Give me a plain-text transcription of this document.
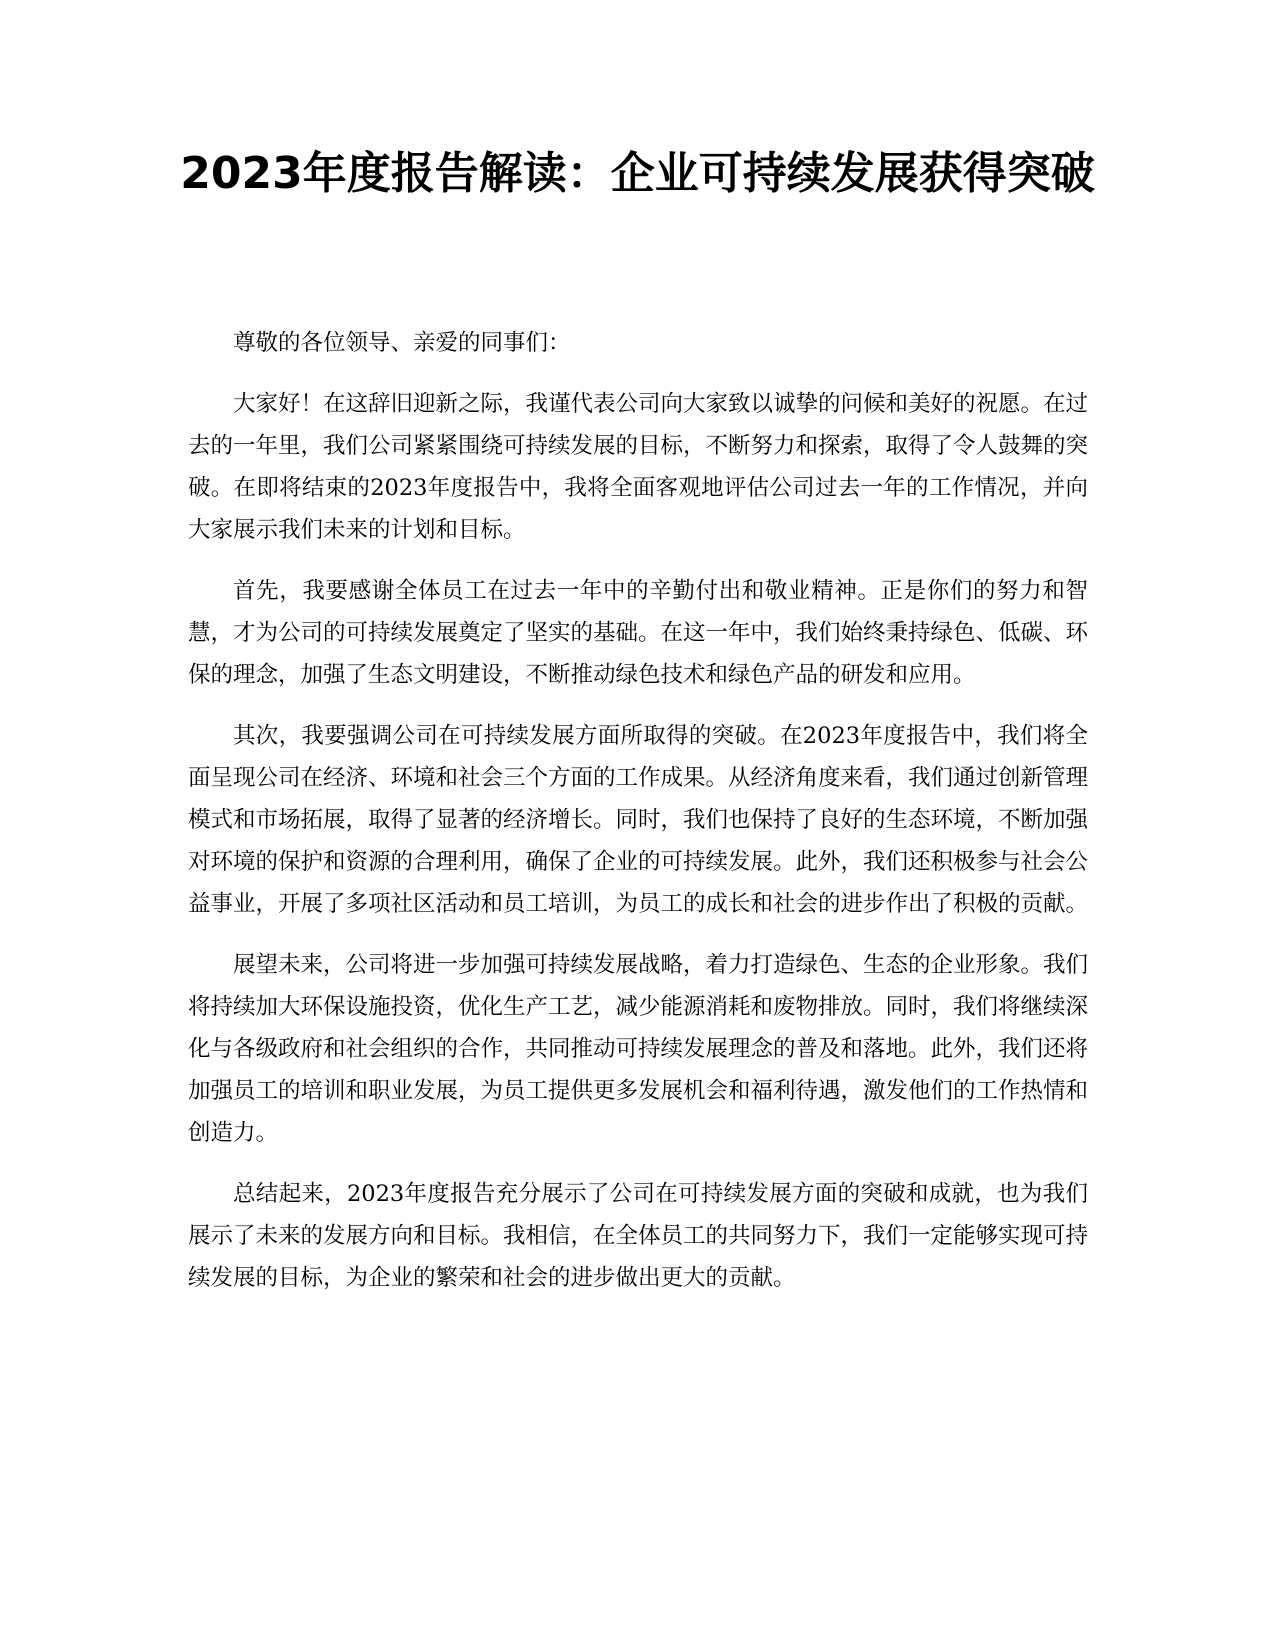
2023年度报告解读：企业可持续发展获得突破

尊敬的各位领导、亲爱的同事们：

大家好！在这辞旧迎新之际，我谨代表公司向大家致以诚挚的问候和美好的祝愿。在过去的一年里，我们公司紧紧围绕可持续发展的目标，不断努力和探索，取得了令人鼓舞的突破。在即将结束的2023年度报告中，我将全面客观地评估公司过去一年的工作情况，并向大家展示我们未来的计划和目标。

首先，我要感谢全体员工在过去一年中的辛勤付出和敬业精神。正是你们的努力和智慧，才为公司的可持续发展奠定了坚实的基础。在这一年中，我们始终秉持绿色、低碳、环保的理念，加强了生态文明建设，不断推动绿色技术和绿色产品的研发和应用。

其次，我要强调公司在可持续发展方面所取得的突破。在2023年度报告中，我们将全面呈现公司在经济、环境和社会三个方面的工作成果。从经济角度来看，我们通过创新管理模式和市场拓展，取得了显著的经济增长。同时，我们也保持了良好的生态环境，不断加强对环境的保护和资源的合理利用，确保了企业的可持续发展。此外，我们还积极参与社会公益事业，开展了多项社区活动和员工培训，为员工的成长和社会的进步作出了积极的贡献。

展望未来，公司将进一步加强可持续发展战略，着力打造绿色、生态的企业形象。我们将持续加大环保设施投资，优化生产工艺，减少能源消耗和废物排放。同时，我们将继续深化与各级政府和社会组织的合作，共同推动可持续发展理念的普及和落地。此外，我们还将加强员工的培训和职业发展，为员工提供更多发展机会和福利待遇，激发他们的工作热情和创造力。

总结起来，2023年度报告充分展示了公司在可持续发展方面的突破和成就，也为我们展示了未来的发展方向和目标。我相信，在全体员工的共同努力下，我们一定能够实现可持续发展的目标，为企业的繁荣和社会的进步做出更大的贡献。
